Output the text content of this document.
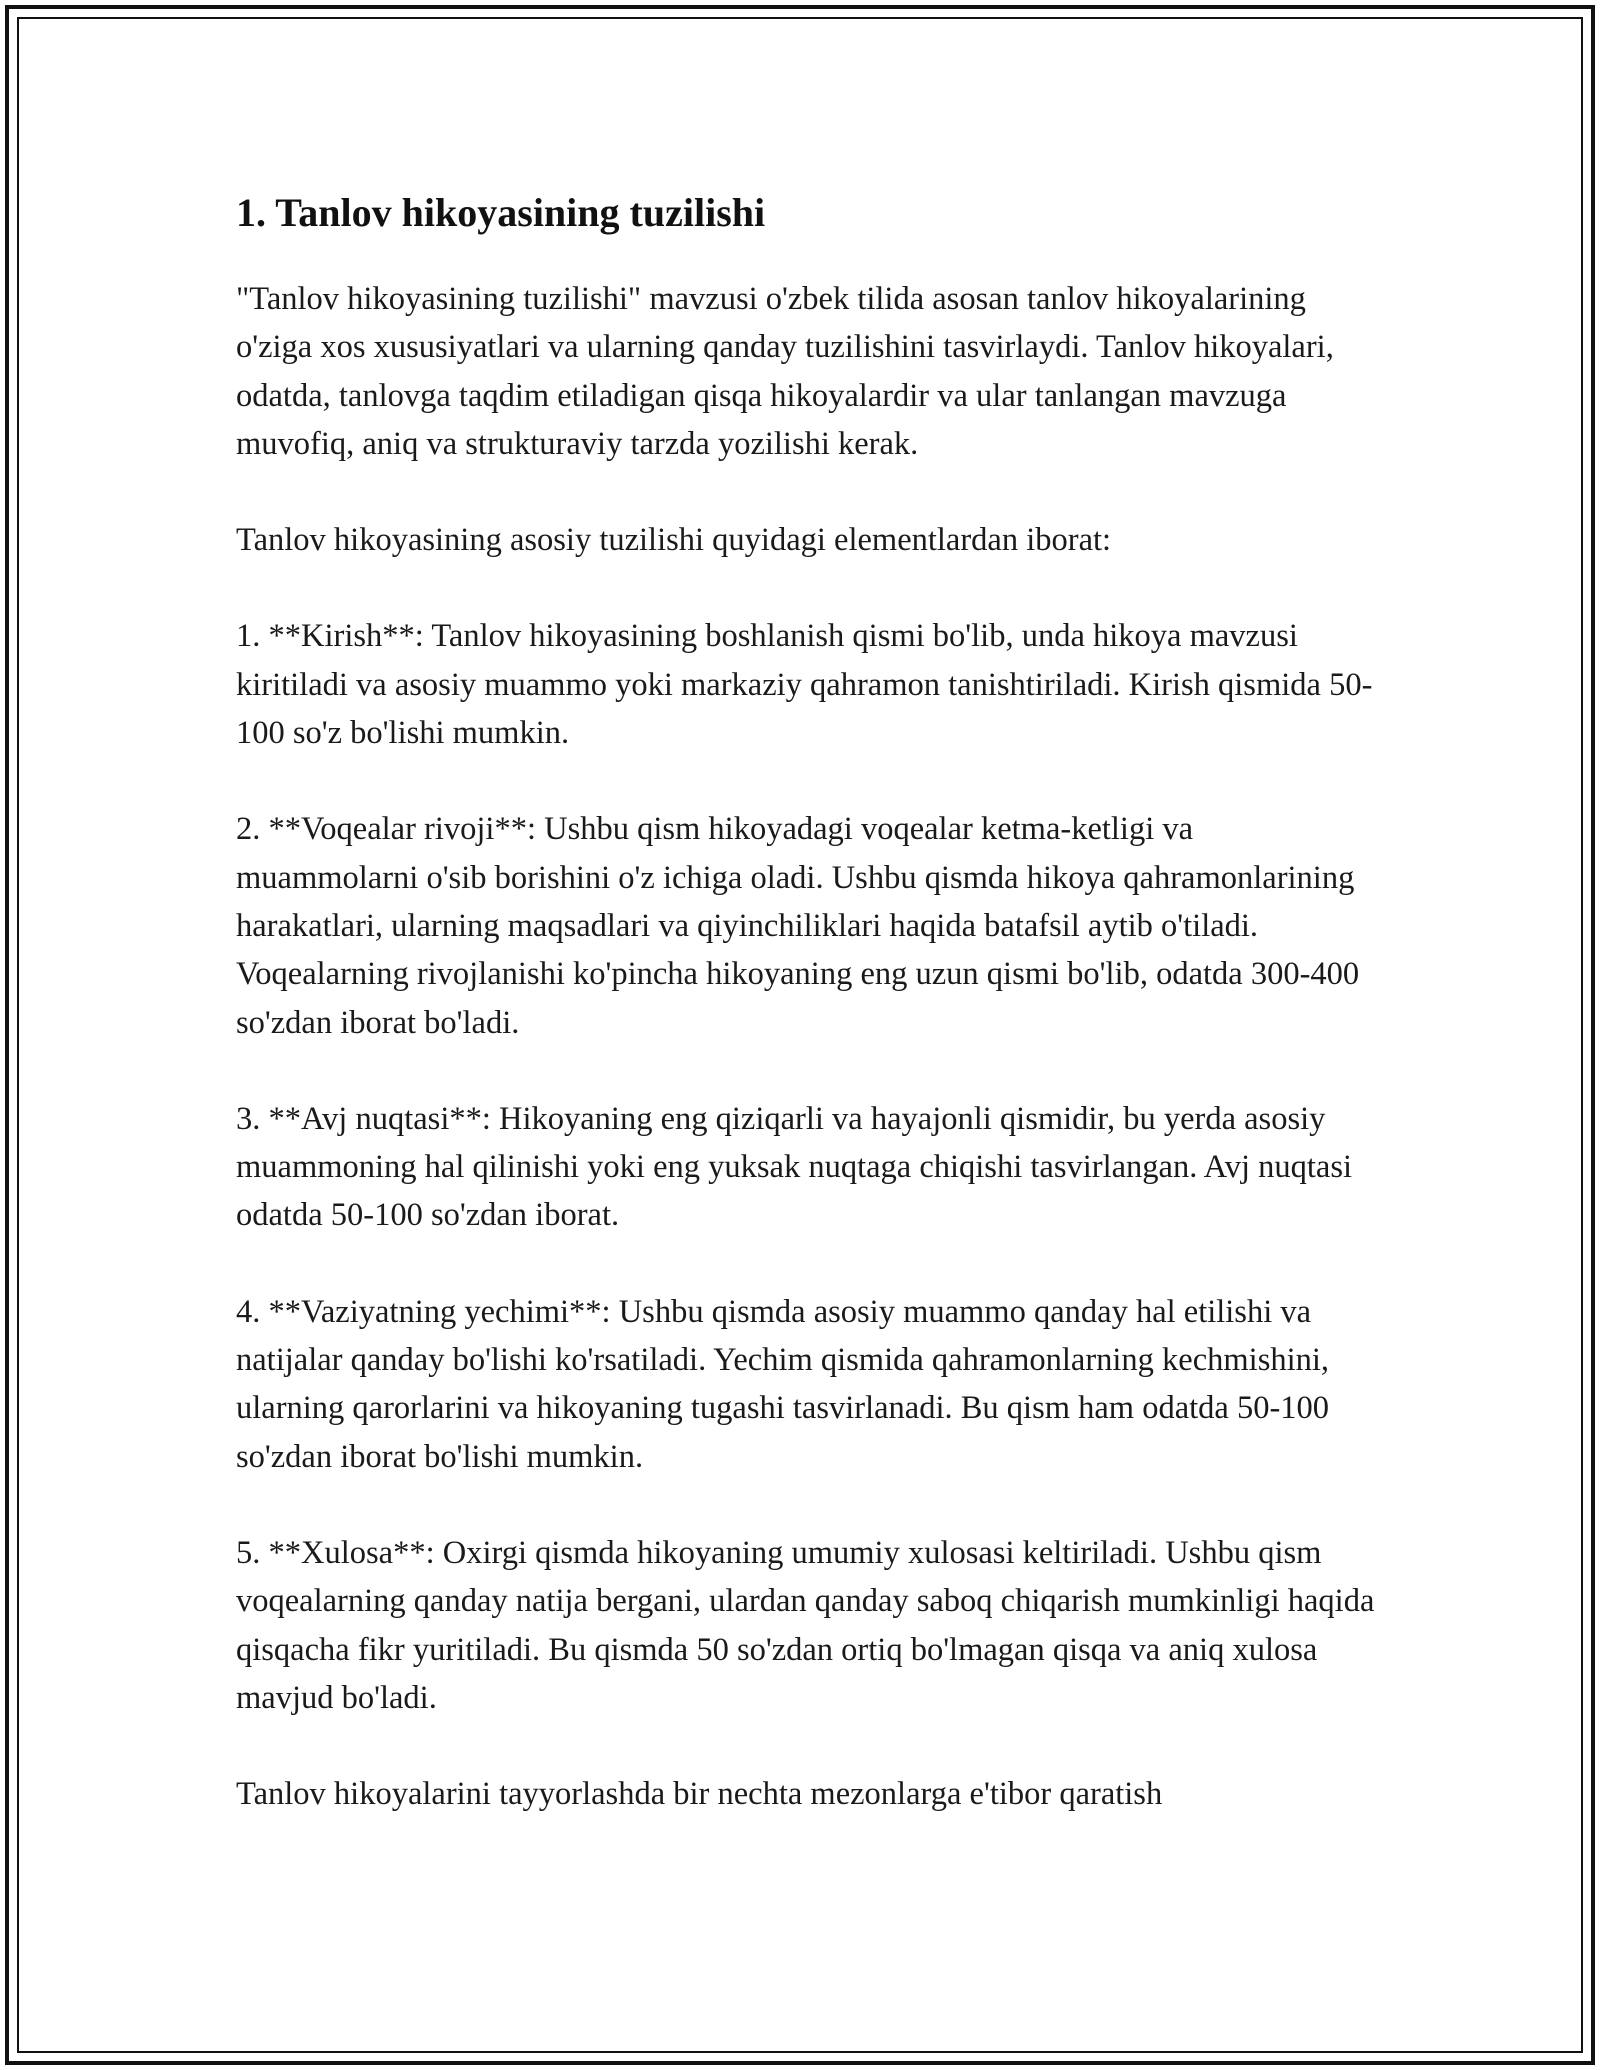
1. Tanlov hikoyasining tuzilishi

"Tanlov hikoyasining tuzilishi" mavzusi o'zbek tilida asosan tanlov hikoyalarining o'ziga xos xususiyatlari va ularning qanday tuzilishini tasvirlaydi. Tanlov hikoyalari, odatda, tanlovga taqdim etiladigan qisqa hikoyalardir va ular tanlangan mavzuga muvofiq, aniq va strukturaviy tarzda yozilishi kerak.

Tanlov hikoyasining asosiy tuzilishi quyidagi elementlardan iborat:

1. **Kirish**: Tanlov hikoyasining boshlanish qismi bo'lib, unda hikoya mavzusi kiritiladi va asosiy muammo yoki markaziy qahramon tanishtiriladi. Kirish qismida 50-100 so'z bo'lishi mumkin.

2. **Voqealar rivoji**: Ushbu qism hikoyadagi voqealar ketma-ketligi va muammolarni o'sib borishini o'z ichiga oladi. Ushbu qismda hikoya qahramonlarining harakatlari, ularning maqsadlari va qiyinchiliklari haqida batafsil aytib o'tiladi. Voqealarning rivojlanishi ko'pincha hikoyaning eng uzun qismi bo'lib, odatda 300-400 so'zdan iborat bo'ladi.

3. **Avj nuqtasi**: Hikoyaning eng qiziqarli va hayajonli qismidir, bu yerda asosiy muammoning hal qilinishi yoki eng yuksak nuqtaga chiqishi tasvirlangan. Avj nuqtasi odatda 50-100 so'zdan iborat.

4. **Vaziyatning yechimi**: Ushbu qismda asosiy muammo qanday hal etilishi va natijalar qanday bo'lishi ko'rsatiladi. Yechim qismida qahramonlarning kechmishini, ularning qarorlarini va hikoyaning tugashi tasvirlanadi. Bu qism ham odatda 50-100 so'zdan iborat bo'lishi mumkin.

5. **Xulosa**: Oxirgi qismda hikoyaning umumiy xulosasi keltiriladi. Ushbu qism voqealarning qanday natija bergani, ulardan qanday saboq chiqarish mumkinligi haqida qisqacha fikr yuritiladi. Bu qismda 50 so'zdan ortiq bo'lmagan qisqa va aniq xulosa mavjud bo'ladi.

Tanlov hikoyalarini tayyorlashda bir nechta mezonlarga e'tibor qaratish
